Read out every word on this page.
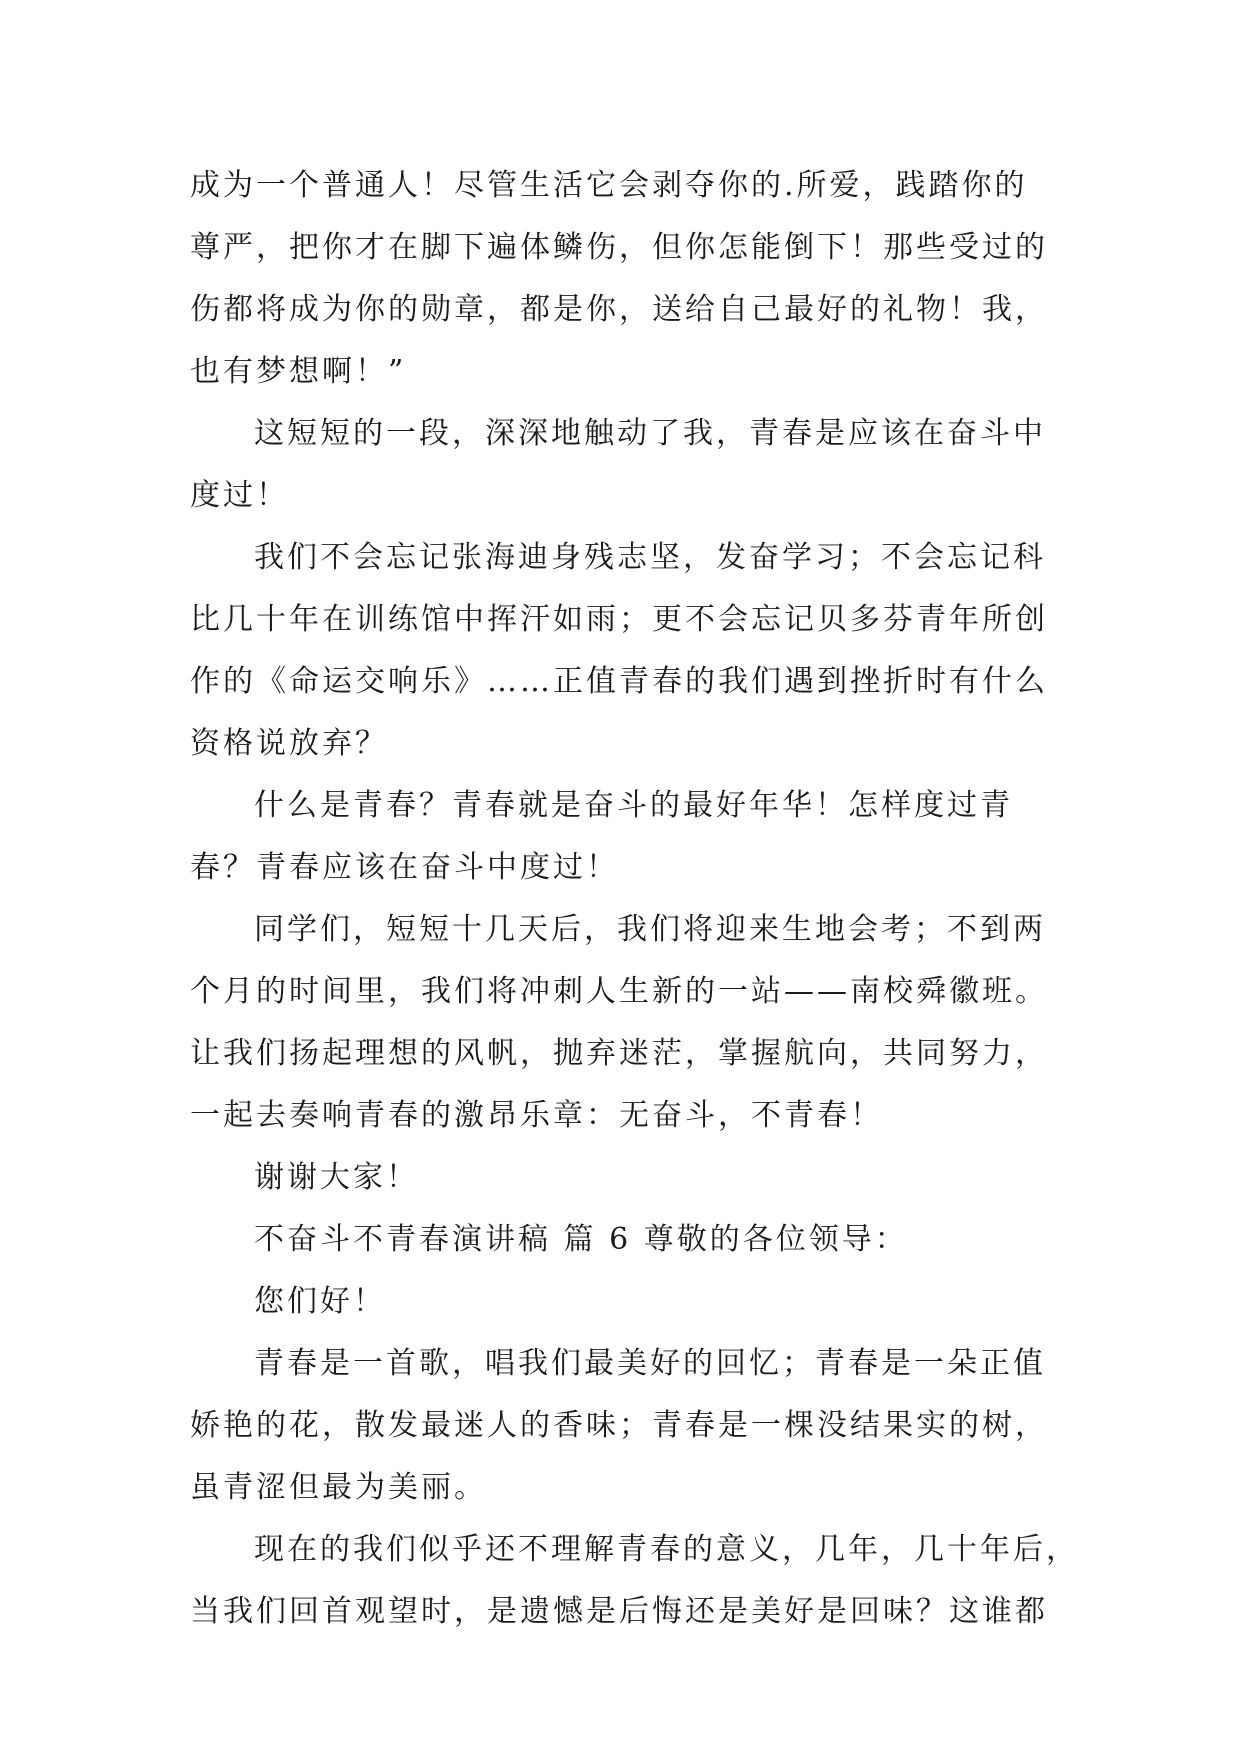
成为一个普通人！尽管生活它会剥夺你的.所爱，践踏你的
尊严，把你才在脚下遍体鳞伤，但你怎能倒下！那些受过的
伤都将成为你的勋章，都是你，送给自己最好的礼物！我，
也有梦想啊！”
这短短的一段，深深地触动了我，青春是应该在奋斗中
度过！
我们不会忘记张海迪身残志坚，发奋学习；不会忘记科
比几十年在训练馆中挥汗如雨；更不会忘记贝多芬青年所创
作的《命运交响乐》……正值青春的我们遇到挫折时有什么
资格说放弃？
什么是青春？青春就是奋斗的最好年华！怎样度过青
春？青春应该在奋斗中度过！
同学们，短短十几天后，我们将迎来生地会考；不到两
个月的时间里，我们将冲刺人生新的一站——南校舜徽班。
让我们扬起理想的风帆，抛弃迷茫，掌握航向，共同努力，
一起去奏响青春的激昂乐章：无奋斗，不青春！
谢谢大家！
不奋斗不青春演讲稿 篇 6 尊敬的各位领导：
您们好！
青春是一首歌，唱我们最美好的回忆；青春是一朵正值
娇艳的花，散发最迷人的香味；青春是一棵没结果实的树，
虽青涩但最为美丽。
现在的我们似乎还不理解青春的意义，几年，几十年后，
当我们回首观望时，是遗憾是后悔还是美好是回味？这谁都
